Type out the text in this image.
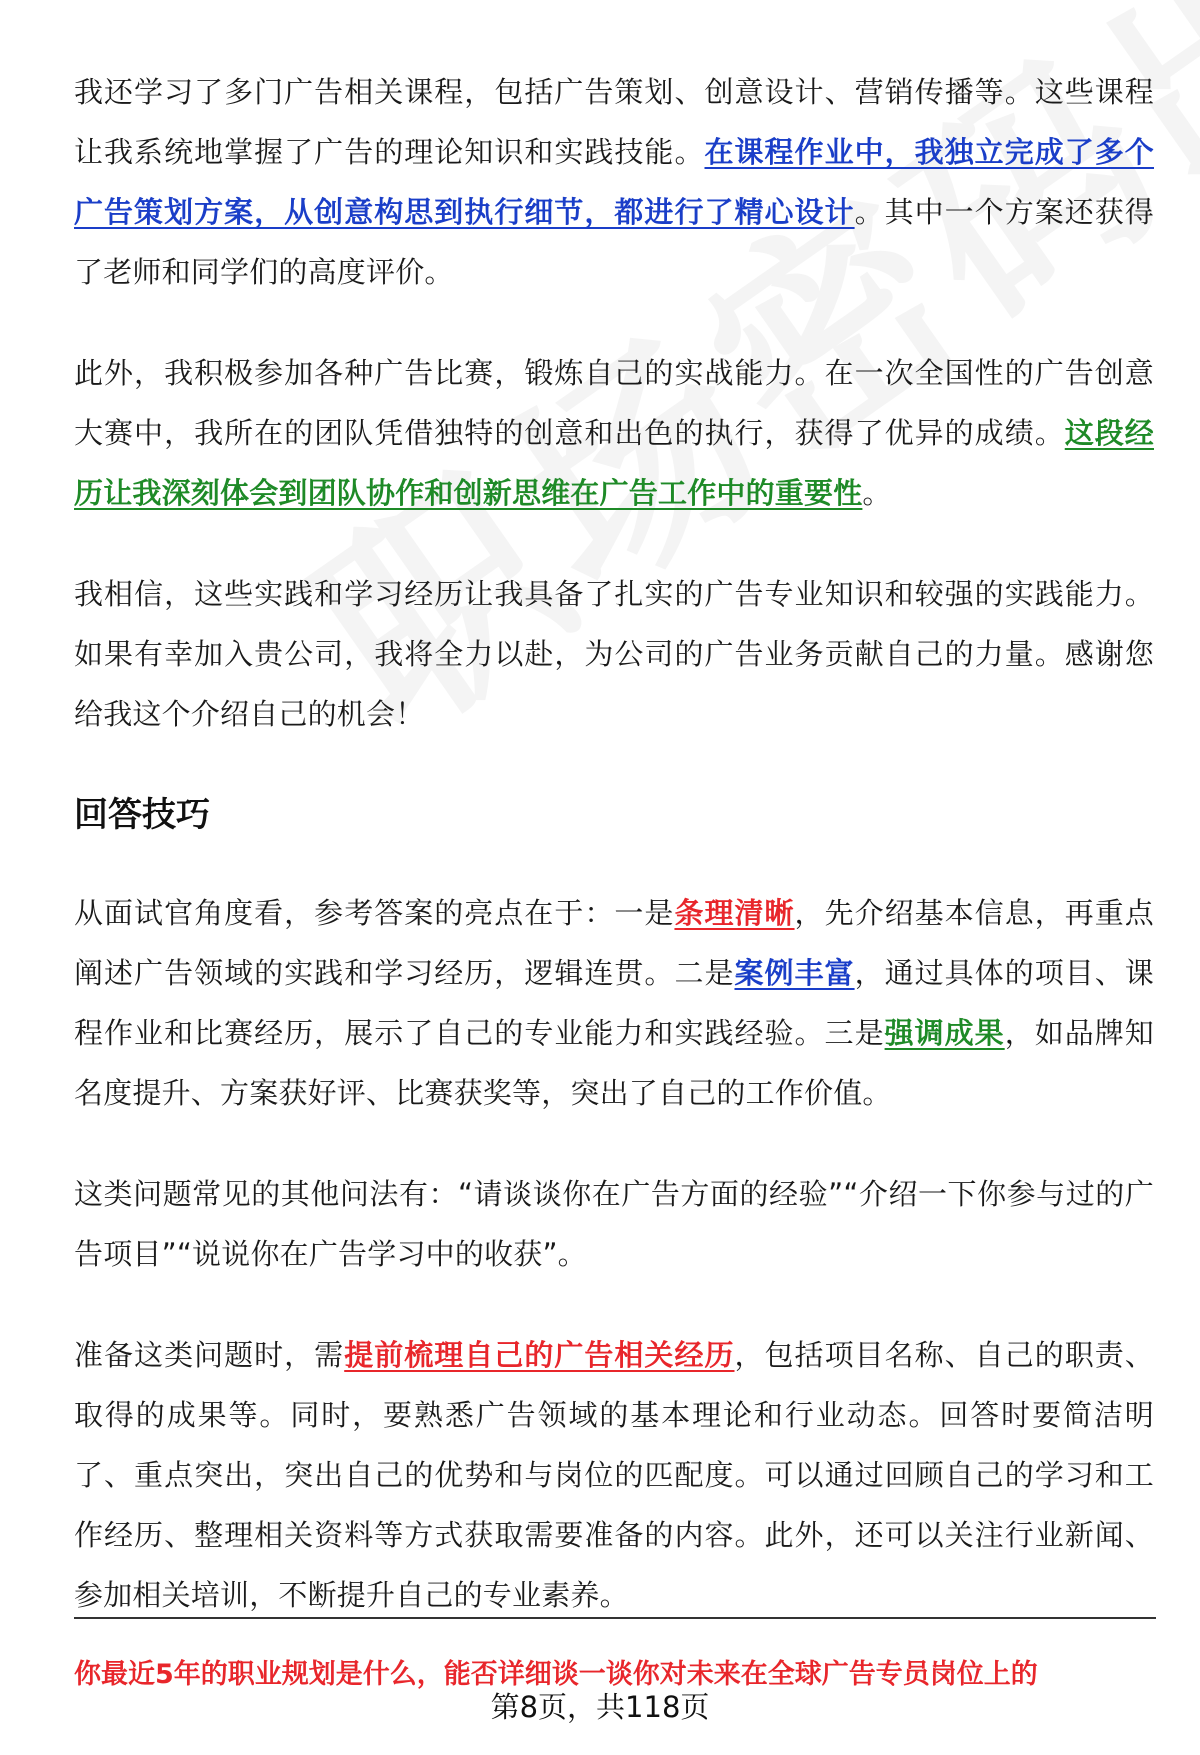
我还学习了多门广告相关课程，包括广告策划、创意设计、营销传播等。这些课程让我系统地掌握了广告的理论知识和实践技能。在课程作业中，我独立完成了多个广告策划方案，从创意构思到执行细节，都进行了精心设计。其中一个方案还获得了老师和同学们的高度评价。

此外，我积极参加各种广告比赛，锻炼自己的实战能力。在一次全国性的广告创意大赛中，我所在的团队凭借独特的创意和出色的执行，获得了优异的成绩。这段经历让我深刻体会到团队协作和创新思维在广告工作中的重要性。

我相信，这些实践和学习经历让我具备了扎实的广告专业知识和较强的实践能力。如果有幸加入贵公司，我将全力以赴，为公司的广告业务贡献自己的力量。感谢您给我这个介绍自己的机会！

回答技巧

从面试官角度看，参考答案的亮点在于：一是条理清晰，先介绍基本信息，再重点阐述广告领域的实践和学习经历，逻辑连贯。二是案例丰富，通过具体的项目、课程作业和比赛经历，展示了自己的专业能力和实践经验。三是强调成果，如品牌知名度提升、方案获好评、比赛获奖等，突出了自己的工作价值。

这类问题常见的其他问法有：“请谈谈你在广告方面的经验”“介绍一下你参与过的广告项目”“说说你在广告学习中的收获”。

准备这类问题时，需提前梳理自己的广告相关经历，包括项目名称、自己的职责、取得的成果等。同时，要熟悉广告领域的基本理论和行业动态。回答时要简洁明了、重点突出，突出自己的优势和与岗位的匹配度。可以通过回顾自己的学习和工作经历、整理相关资料等方式获取需要准备的内容。此外，还可以关注行业新闻、参加相关培训，不断提升自己的专业素养。

你最近5年的职业规划是什么，能否详细谈一谈你对未来在全球广告专员岗位上的
第8页，共118页
